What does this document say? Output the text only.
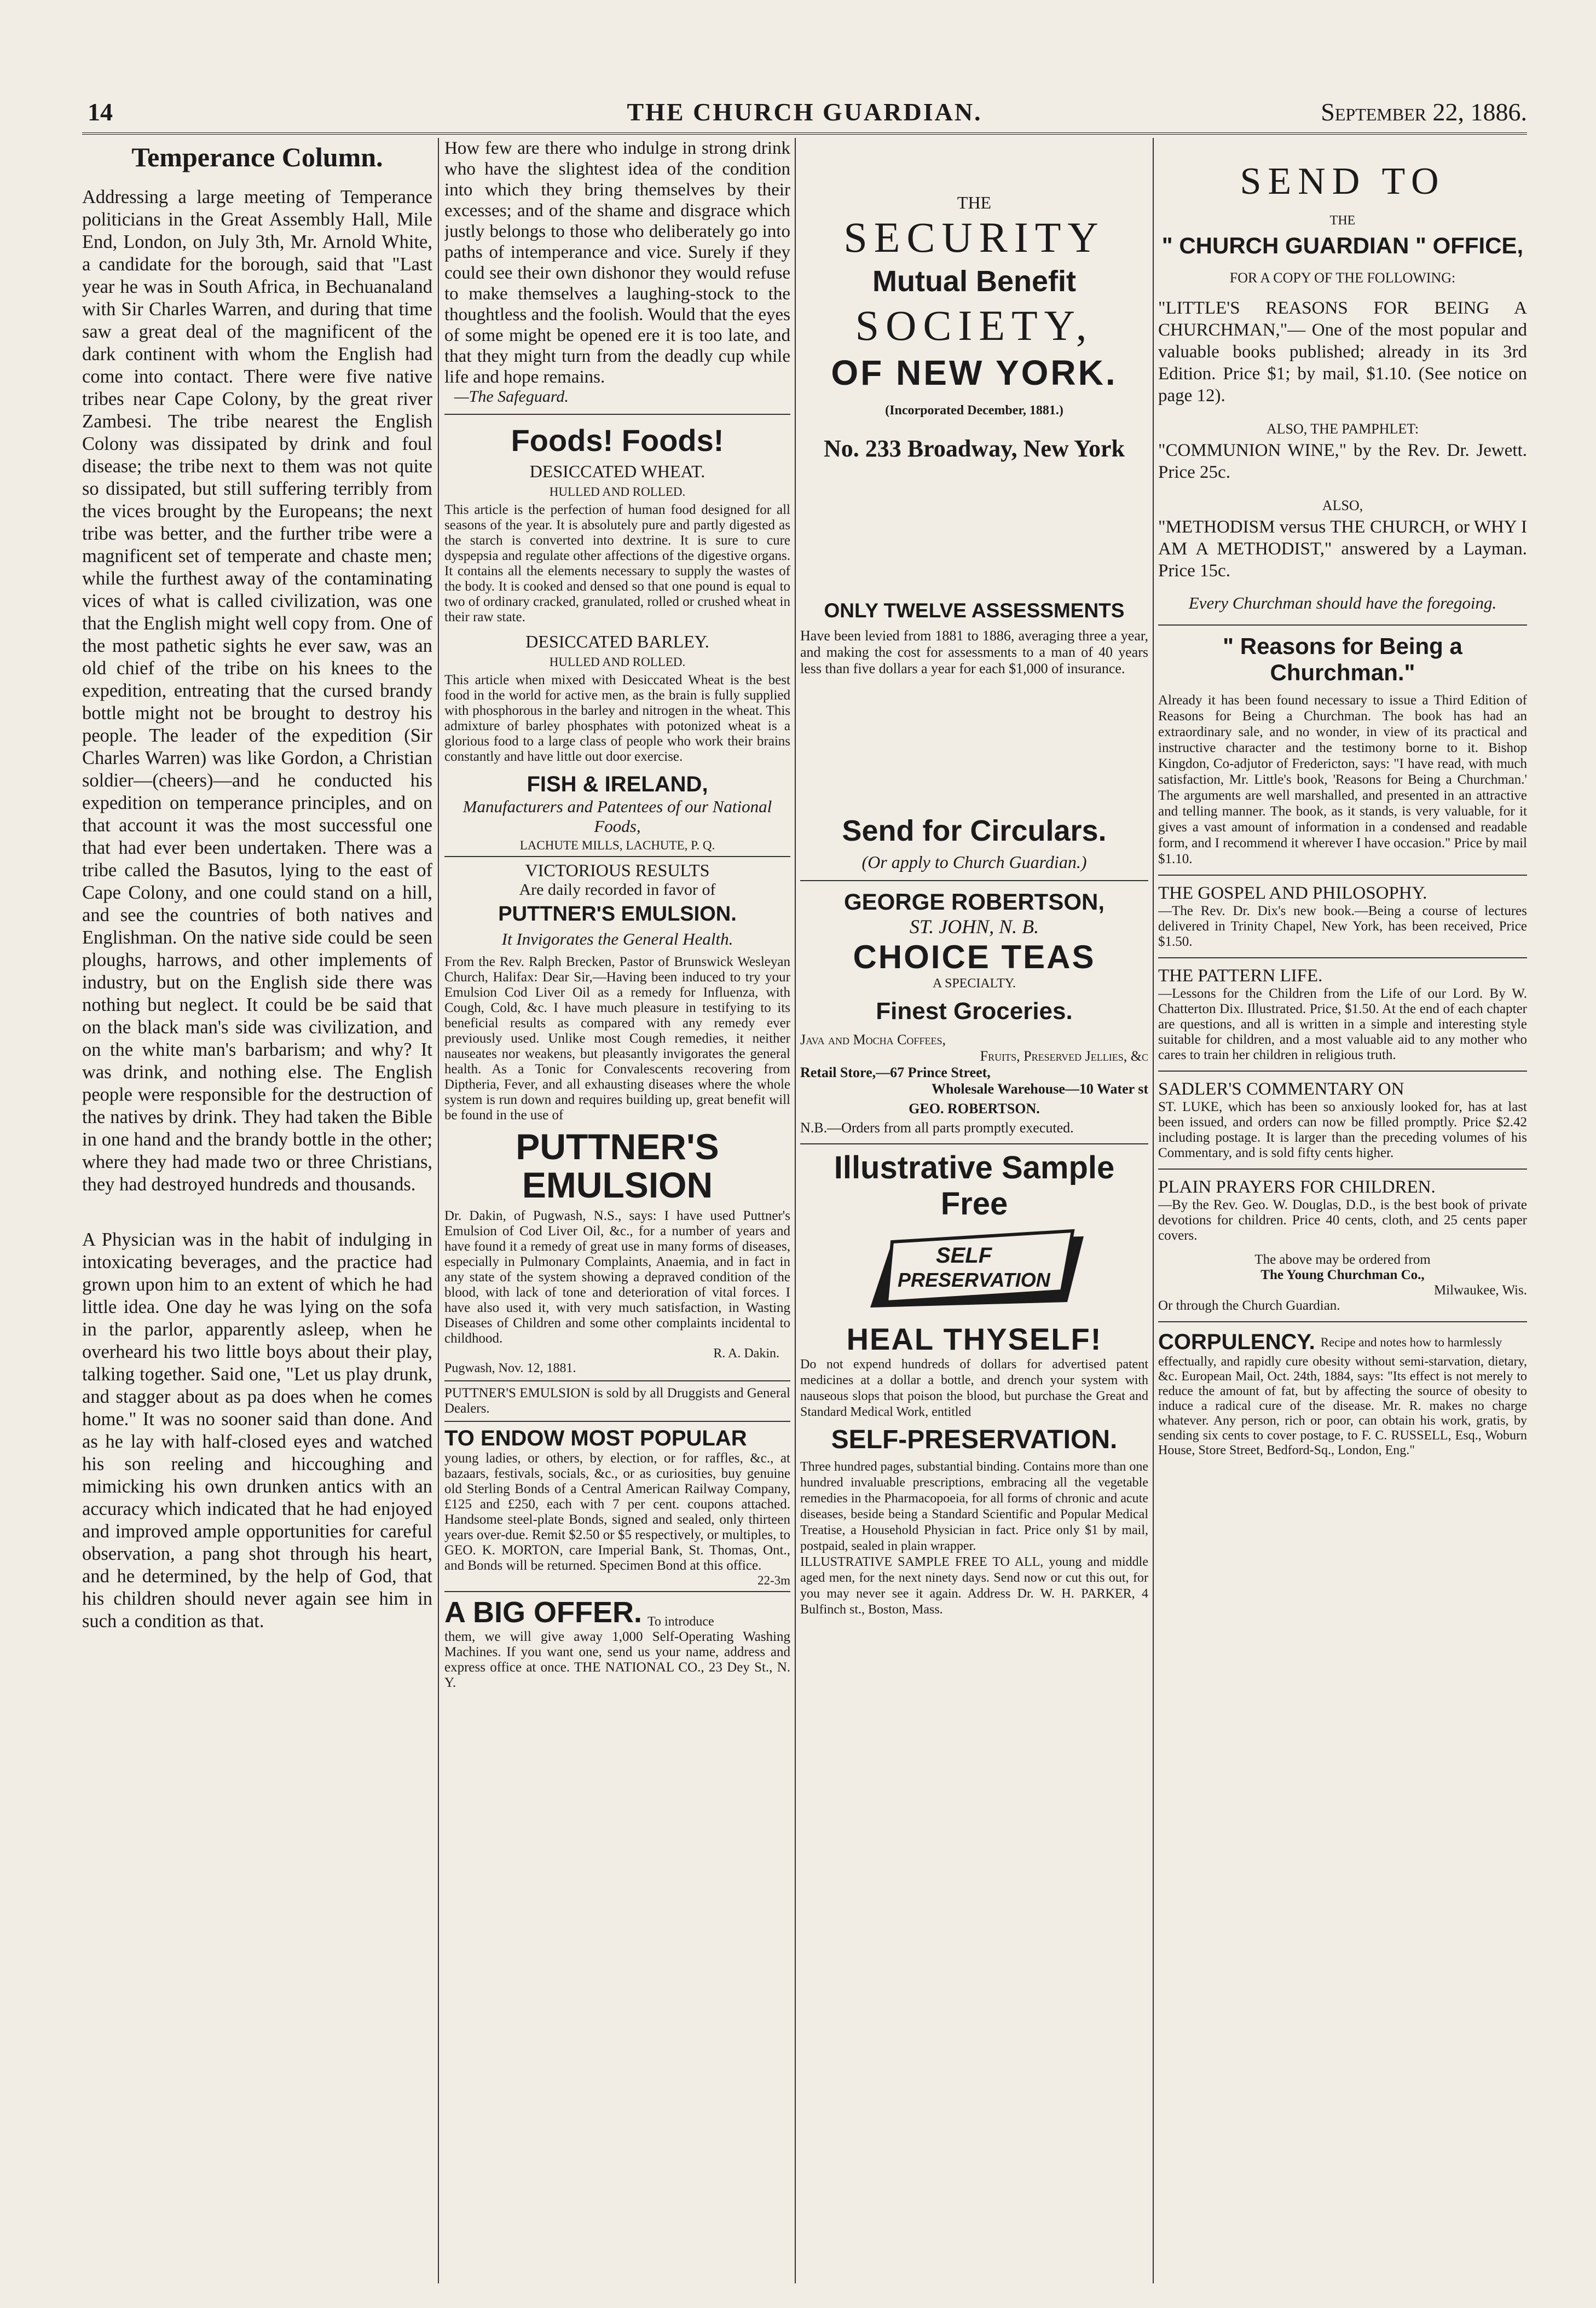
14	THE CHURCH GUARDIAN.	September 22, 1886.
Temperance Column.

Addressing a large meeting of Temperance politicians in the Great Assembly Hall, Mile End, London, on July 3th, Mr. Arnold White, a candidate for the borough, said that "Last year he was in South Africa, in Bechuanaland with Sir Charles Warren, and during that time saw a great deal of the magnificent of the dark continent with whom the English had come into contact. There were five native tribes near Cape Colony, by the great river Zambesi. The tribe nearest the English Colony was dissipated by drink and foul disease; the tribe next to them was not quite so dissipated, but still suffering terribly from the vices brought by the Europeans; the next tribe was better, and the further tribe were a magnificent set of temperate and chaste men; while the furthest away of the contaminating vices of what is called civilization, was one that the English might well copy from. One of the most pathetic sights he ever saw, was an old chief of the tribe on his knees to the expedition, entreating that the cursed brandy bottle might not be brought to destroy his people. The leader of the expedition (Sir Charles Warren) was like Gordon, a Christian soldier—(cheers)—and he conducted his expedition on temperance principles, and on that account it was the most successful one that had ever been undertaken. There was a tribe called the Basutos, lying to the east of Cape Colony, and one could stand on a hill, and see the countries of both natives and Englishman. On the native side could be seen ploughs, harrows, and other implements of industry, but on the English side there was nothing but neglect. It could be be said that on the black man's side was civilization, and on the white man's barbarism; and why? It was drink, and nothing else. The English people were responsible for the destruction of the natives by drink. They had taken the Bible in one hand and the brandy bottle in the other; where they had made two or three Christians, they had destroyed hundreds and thousands.

A Physician was in the habit of indulging in intoxicating beverages, and the practice had grown upon him to an extent of which he had little idea. One day he was lying on the sofa in the parlor, apparently asleep, when he overheard his two little boys about their play, talking together. Said one, "Let us play drunk, and stagger about as pa does when he comes home." It was no sooner said than done. And as he lay with half-closed eyes and watched his son reeling and hiccoughing and mimicking his own drunken antics with an accuracy which indicated that he had enjoyed and improved ample opportunities for careful observation, a pang shot through his heart, and he determined, by the help of God, that his children should never again see him in such a condition as that.

How few are there who indulge in strong drink who have the slightest idea of the condition into which they bring themselves by their excesses; and of the shame and disgrace which justly belongs to those who deliberately go into paths of intemperance and vice. Surely if they could see their own dishonor they would refuse to make themselves a laughing-stock to the thoughtless and the foolish. Would that the eyes of some might be opened ere it is too late, and that they might turn from the deadly cup while life and hope remains.

—The Safeguard.

Foods! Foods!
DESICCATED WHEAT.
HULLED AND ROLLED.

This article is the perfection of human food designed for all seasons of the year. It is absolutely pure and partly digested as the starch is converted into dextrine. It is sure to cure dyspepsia and regulate other affections of the digestive organs. It contains all the elements necessary to supply the wastes of the body. It is cooked and densed so that one pound is equal to two of ordinary cracked, granulated, rolled or crushed wheat in their raw state.

DESICCATED BARLEY.
HULLED AND ROLLED.

This article when mixed with Desiccated Wheat is the best food in the world for active men, as the brain is fully supplied with phosphorous in the barley and nitrogen in the wheat. This admixture of barley phosphates with potonized wheat is a glorious food to a large class of people who work their brains constantly and have little out door exercise.

FISH & IRELAND,
Manufacturers and Patentees of our National Foods,
LACHUTE MILLS, LACHUTE, P. Q.
VICTORIOUS RESULTS
Are daily recorded in favor of
PUTTNER'S EMULSION.
It Invigorates the General Health.

From the Rev. Ralph Brecken, Pastor of Brunswick Wesleyan Church, Halifax: Dear Sir,—Having been induced to try your Emulsion Cod Liver Oil as a remedy for Influenza, with Cough, Cold, &c. I have much pleasure in testifying to its beneficial results as compared with any remedy ever previously used. Unlike most Cough remedies, it neither nauseates nor weakens, but pleasantly invigorates the general health. As a Tonic for Convalescents recovering from Diptheria, Fever, and all exhausting diseases where the whole system is run down and requires building up, great benefit will be found in the use of

PUTTNER'S
EMULSION

Dr. Dakin, of Pugwash, N.S., says: I have used Puttner's Emulsion of Cod Liver Oil, &c., for a number of years and have found it a remedy of great use in many forms of diseases, especially in Pulmonary Complaints, Anaemia, and in fact in any state of the system showing a depraved condition of the blood, with lack of tone and deterioration of vital forces. I have also used it, with very much satisfaction, in Wasting Diseases of Children and some other complaints incidental to childhood.

R. A. Dakin.
Pugwash, Nov. 12, 1881.

PUTTNER'S EMULSION is sold by all Druggists and General Dealers.

TO ENDOW MOST POPULAR

young ladies, or others, by election, or for raffles, &c., at bazaars, festivals, socials, &c., or as curiosities, buy genuine old Sterling Bonds of a Central American Railway Company, £125 and £250, each with 7 per cent. coupons attached. Handsome steel-plate Bonds, signed and sealed, only thirteen years over-due. Remit $2.50 or $5 respectively, or multiples, to GEO. K. MORTON, care Imperial Bank, St. Thomas, Ont., and Bonds will be returned. Specimen Bond at this office.

22-3m
A BIG OFFER. To introduce

them, we will give away 1,000 Self-Operating Washing Machines. If you want one, send us your name, address and express office at once. THE NATIONAL CO., 23 Dey St., N. Y.

THE
SECURITY
Mutual Benefit
SOCIETY,
OF NEW YORK.
(Incorporated December, 1881.)
No. 233 Broadway, New York
ONLY TWELVE ASSESSMENTS

Have been levied from 1881 to 1886, averaging three a year, and making the cost for assessments to a man of 40 years less than five dollars a year for each $1,000 of insurance.

Send for Circulars.
(Or apply to Church Guardian.)
GEORGE ROBERTSON,
ST. JOHN, N. B.
CHOICE TEAS
A SPECIALTY.
Finest Groceries.
Java and Mocha Coffees,
Fruits, Preserved Jellies, &c
Retail Store,—67 Prince Street,
Wholesale Warehouse—10 Water st
GEO. ROBERTSON.

N.B.—Orders from all parts promptly executed.

Illustrative Sample Free
SELF
PRESERVATION
HEAL THYSELF!

Do not expend hundreds of dollars for advertised patent medicines at a dollar a bottle, and drench your system with nauseous slops that poison the blood, but purchase the Great and Standard Medical Work, entitled

SELF-PRESERVATION.

Three hundred pages, substantial binding. Contains more than one hundred invaluable prescriptions, embracing all the vegetable remedies in the Pharmacopoeia, for all forms of chronic and acute diseases, beside being a Standard Scientific and Popular Medical Treatise, a Household Physician in fact. Price only $1 by mail, postpaid, sealed in plain wrapper.

ILLUSTRATIVE SAMPLE FREE TO ALL, young and middle aged men, for the next ninety days. Send now or cut this out, for you may never see it again. Address Dr. W. H. PARKER, 4 Bulfinch st., Boston, Mass.

SEND TO
THE
" CHURCH GUARDIAN " OFFICE,
FOR A COPY OF THE FOLLOWING:

"LITTLE'S REASONS FOR BEING A CHURCHMAN,"— One of the most popular and valuable books published; already in its 3rd Edition. Price $1; by mail, $1.10. (See notice on page 12).

ALSO, THE PAMPHLET:

"COMMUNION WINE," by the Rev. Dr. Jewett. Price 25c.

ALSO,

"METHODISM versus THE CHURCH, or WHY I AM A METHODIST," answered by a Layman. Price 15c.

Every Churchman should have the foregoing.
" Reasons for Being a Churchman."

Already it has been found necessary to issue a Third Edition of Reasons for Being a Churchman. The book has had an extraordinary sale, and no wonder, in view of its practical and instructive character and the testimony borne to it. Bishop Kingdon, Co-adjutor of Fredericton, says: "I have read, with much satisfaction, Mr. Little's book, 'Reasons for Being a Churchman.' The arguments are well marshalled, and presented in an attractive and telling manner. The book, as it stands, is very valuable, for it gives a vast amount of information in a condensed and readable form, and I recommend it wherever I have occasion." Price by mail $1.10.

THE GOSPEL AND PHILOSOPHY.

—The Rev. Dr. Dix's new book.—Being a course of lectures delivered in Trinity Chapel, New York, has been received, Price $1.50.

THE PATTERN LIFE.

—Lessons for the Children from the Life of our Lord. By W. Chatterton Dix. Illustrated. Price, $1.50. At the end of each chapter are questions, and all is written in a simple and interesting style suitable for children, and a most valuable aid to any mother who cares to train her children in religious truth.

SADLER'S COMMENTARY ON

ST. LUKE, which has been so anxiously looked for, has at last been issued, and orders can now be filled promptly. Price $2.42 including postage. It is larger than the preceding volumes of his Commentary, and is sold fifty cents higher.

PLAIN PRAYERS FOR CHILDREN.

—By the Rev. Geo. W. Douglas, D.D., is the best book of private devotions for children. Price 40 cents, cloth, and 25 cents paper covers.

The above may be ordered from
The Young Churchman Co.,
Milwaukee, Wis.
Or through the Church Guardian.
CORPULENCY. Recipe and notes how to harmlessly

effectually, and rapidly cure obesity without semi-starvation, dietary, &c. European Mail, Oct. 24th, 1884, says: "Its effect is not merely to reduce the amount of fat, but by affecting the source of obesity to induce a radical cure of the disease. Mr. R. makes no charge whatever. Any person, rich or poor, can obtain his work, gratis, by sending six cents to cover postage, to F. C. RUSSELL, Esq., Woburn House, Store Street, Bedford-Sq., London, Eng."
